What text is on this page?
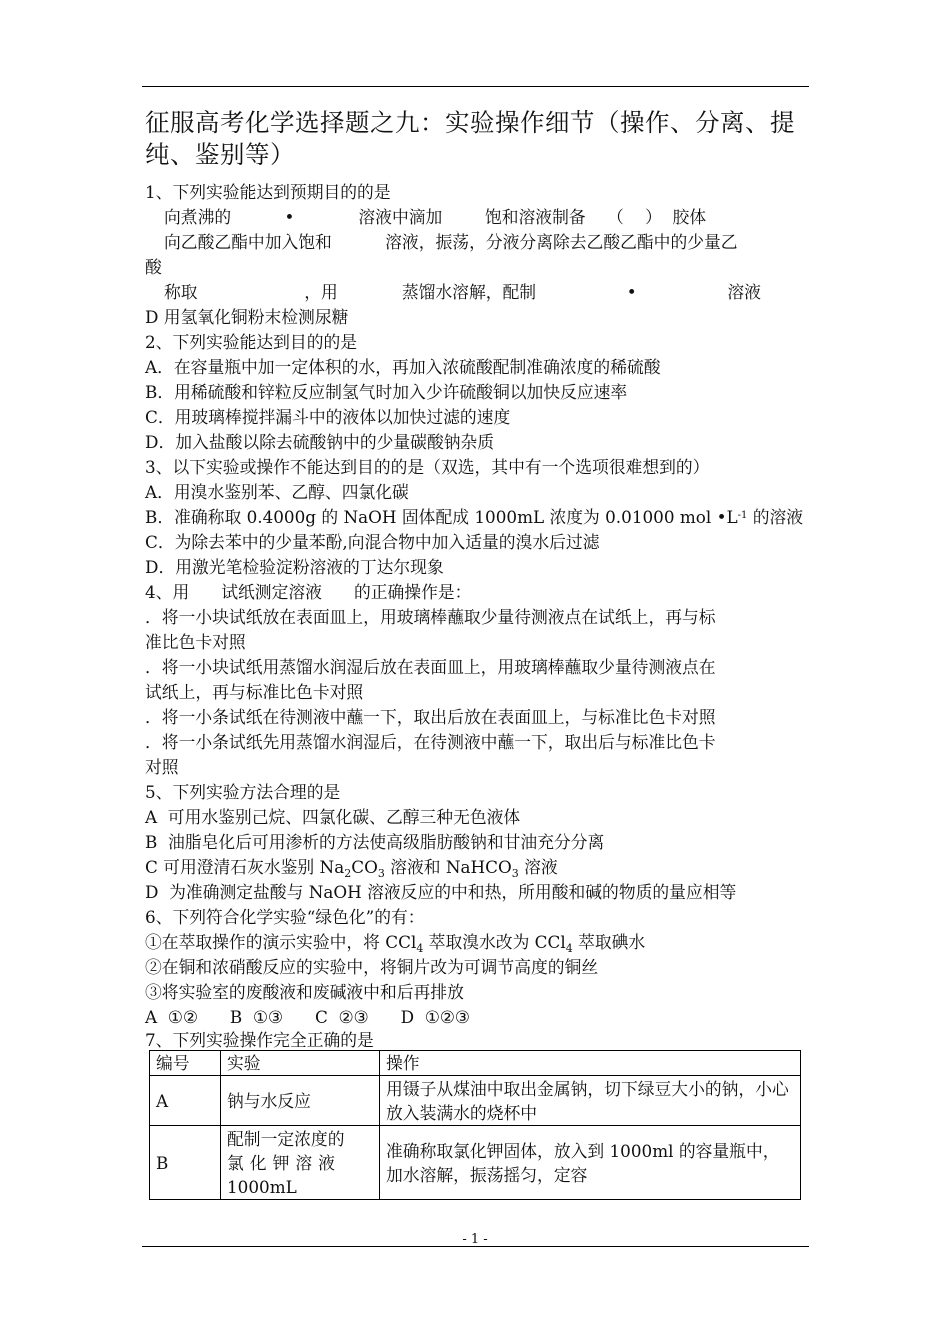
征服高考化学选择题之九：实验操作细节（操作、分离、提纯、鉴别等）
1、下列实验能达到预期目的的是
向煮沸的          •            溶液中滴加        饱和溶液制备    （    ）  胶体
向乙酸乙酯中加入饱和          溶液，振荡，分液分离除去乙酸乙酯中的少量乙
酸
称取                    ，用            蒸馏水溶解，配制                 •                 溶液
D 用氢氧化铜粉末检测尿糖
2、下列实验能达到目的的是
A．在容量瓶中加一定体积的水，再加入浓硫酸配制准确浓度的稀硫酸
B．用稀硫酸和锌粒反应制氢气时加入少许硫酸铜以加快反应速率
C．用玻璃棒搅拌漏斗中的液体以加快过滤的速度
D．加入盐酸以除去硫酸钠中的少量碳酸钠杂质
3、以下实验或操作不能达到目的的是（双选，其中有一个选项很难想到的）
A．用溴水鉴别苯、乙醇、四氯化碳
C．为除去苯中的少量苯酚,向混合物中加入适量的溴水后过滤
D．用激光笔检验淀粉溶液的丁达尔现象
4、用      试纸测定溶液      的正确操作是：
．将一小块试纸放在表面皿上，用玻璃棒蘸取少量待测液点在试纸上，再与标
准比色卡对照
．将一小块试纸用蒸馏水润湿后放在表面皿上，用玻璃棒蘸取少量待测液点在
试纸上，再与标准比色卡对照
．将一小条试纸在待测液中蘸一下，取出后放在表面皿上，与标准比色卡对照
．将一小条试纸先用蒸馏水润湿后，在待测液中蘸一下，取出后与标准比色卡
对照
5、下列实验方法合理的是
A  可用水鉴别己烷、四氯化碳、乙醇三种无色液体
B  油脂皂化后可用渗析的方法使高级脂肪酸钠和甘油充分分离
D  为准确测定盐酸与 NaOH 溶液反应的中和热，所用酸和碱的物质的量应相等
6、下列符合化学实验“绿色化”的有：
②在铜和浓硝酸反应的实验中，将铜片改为可调节高度的铜丝
③将实验室的废酸液和废碱液中和后再排放
A  ①②      B  ①③      C  ②③      D  ①②③
7、下列实验操作完全正确的是
B．准确称取 0.4000g 的 NaOH 固体配成 1000mL 浓度为 0.01000 mol $•L^{-1}$ 的溶液
C 可用澄清石灰水鉴别 $Na_2CO_3$ 溶液和 NaHCO$_3$ 溶液
①在萃取操作的演示实验中，将 CCl$_4$ 萃取溴水改为 CCl$_4$ 萃取碘水
编号	实验	操作
A	钠与水反应	用镊子从煤油中取出金属钠，切下绿豆大小的钠，小心放入装满水的烧杯中
B	配制一定浓度的
氯化钾溶液
1000mL	准确称取氯化钾固体，放入到 1000ml 的容量瓶中，加水溶解，振荡摇匀，定容
- 1 -
